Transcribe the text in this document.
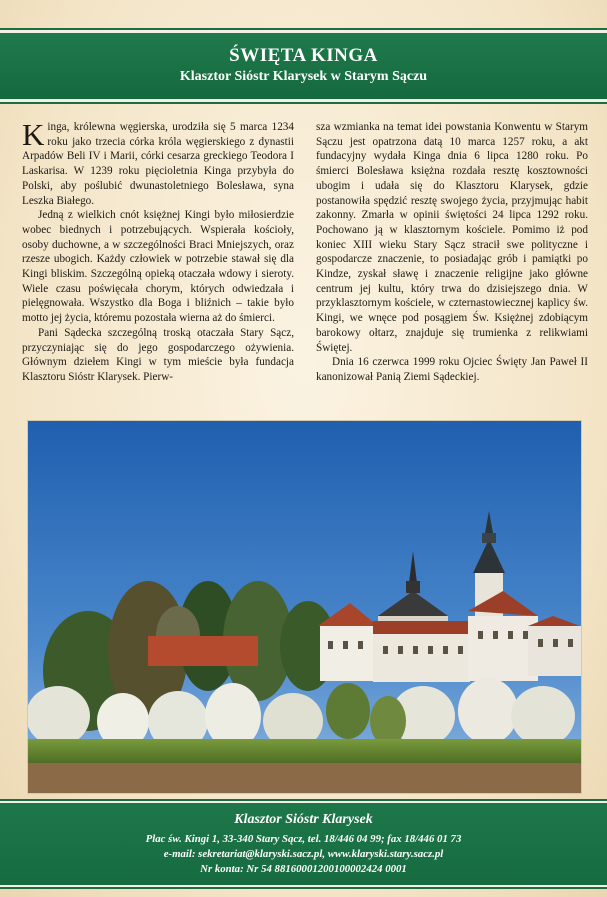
ŚWIĘTA KINGA
Klasztor Sióstr Klarysek w Starym Sączu

Kinga, królewna węgierska, urodziła się 5 marca 1234 roku jako trzecia córka króla węgierskiego z dynastii Arpadów Beli IV i Marii, córki cesarza greckiego Teodora I Laskarisa. W 1239 roku pięcioletnia Kinga przybyła do Polski, aby poślubić dwunastoletniego Bolesława, syna Leszka Białego.

Jedną z wielkich cnót księżnej Kingi było miłosierdzie wobec biednych i potrzebujących. Wspierała kościoły, osoby duchowne, a w szczególności Braci Mniejszych, oraz rzesze ubogich. Każdy człowiek w potrzebie stawał się dla Kingi bliskim. Szczególną opieką otaczała wdowy i sieroty. Wiele czasu poświęcała chorym, których odwiedzała i pielęgnowała. Wszystko dla Boga i bliźnich – takie było motto jej życia, któremu pozostała wierna aż do śmierci.

Pani Sądecka szczególną troską otaczała Stary Sącz, przyczyniając się do jego gospodarczego ożywienia. Głównym dziełem Kingi w tym mieście była fundacja Klasztoru Sióstr Klarysek. Pierw-

sza wzmianka na temat idei powstania Konwentu w Starym Sączu jest opatrzona datą 10 marca 1257 roku, a akt fundacyjny wydała Kinga dnia 6 lipca 1280 roku. Po śmierci Bolesława księżna rozdała resztę kosztowności ubogim i udała się do Klasztoru Klarysek, gdzie postanowiła spędzić resztę swojego życia, przyjmując habit zakonny. Zmarła w opinii świętości 24 lipca 1292 roku. Pochowano ją w klasztornym kościele. Pomimo iż pod koniec XIII wieku Stary Sącz stracił swe polityczne i gospodarcze znaczenie, to posiadając grób i pamiątki po Kindze, zyskał sławę i znaczenie religijne jako główne centrum jej kultu, który trwa do dzisiejszego dnia. W przyklasztornym kościele, w czternastowiecznej kaplicy św. Kingi, we wnęce pod posągiem Św. Księżnej zdobiącym barokowy ołtarz, znajduje się trumienka z relikwiami Świętej.

Dnia 16 czerwca 1999 roku Ojciec Święty Jan Paweł II kanonizował Panią Ziemi Sądeckiej.

Klasztor Sióstr Klarysek
Plac św. Kingi 1, 33-340 Stary Sącz, tel. 18/446 04 99; fax 18/446 01 73
e-mail: sekretariat@klaryski.sacz.pl, www.klaryski.stary.sacz.pl
Nr konta: Nr 54 88160001200100002424 0001
